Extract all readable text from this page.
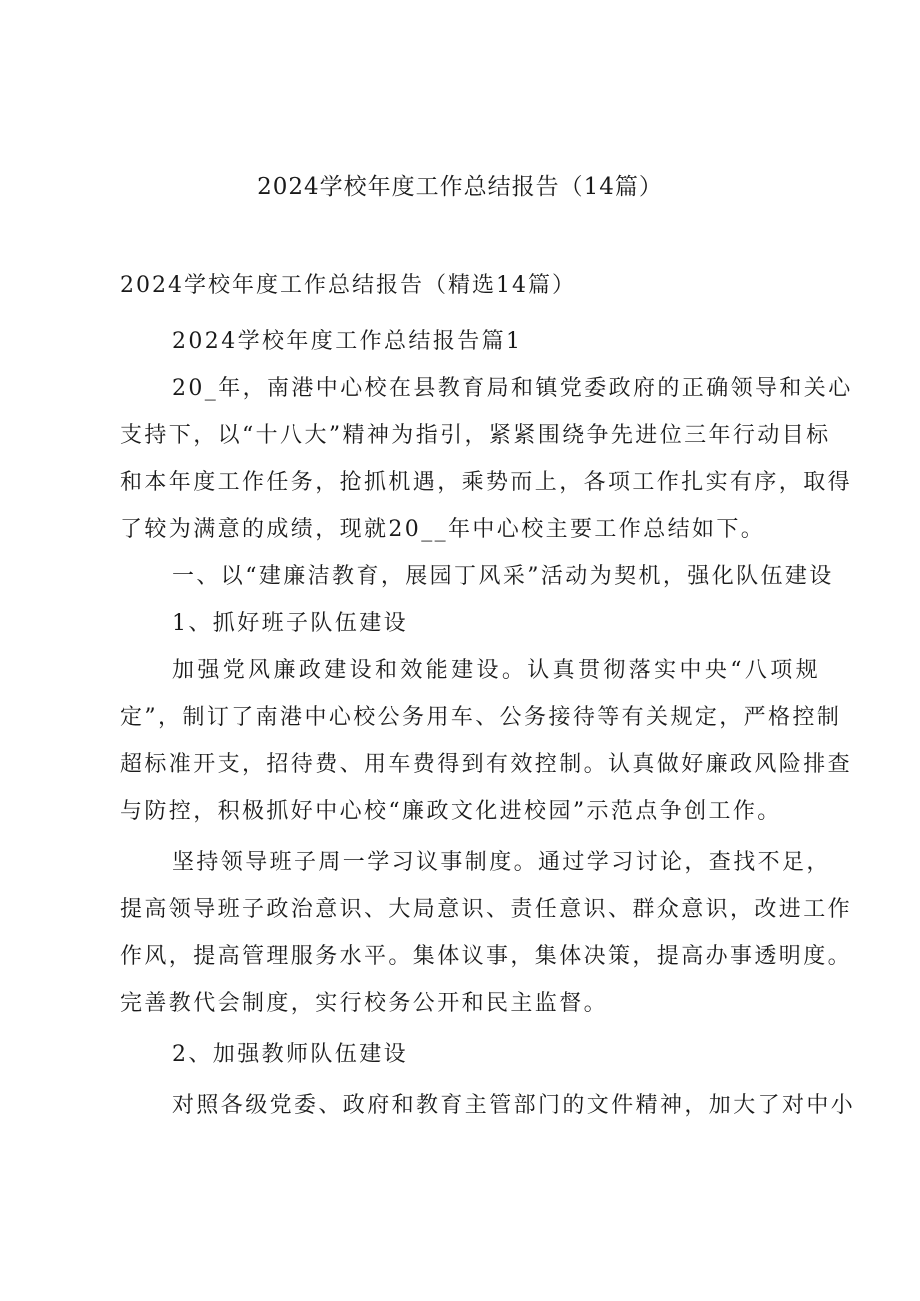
2024学校年度工作总结报告（14篇）

2024学校年度工作总结报告（精选14篇）

2024学校年度工作总结报告篇1

20_年，南港中心校在县教育局和镇党委政府的正确领导和关心

支持下，以“十八大”精神为指引，紧紧围绕争先进位三年行动目标

和本年度工作任务，抢抓机遇，乘势而上，各项工作扎实有序，取得

了较为满意的成绩，现就20__年中心校主要工作总结如下。

一、以“建廉洁教育，展园丁风采”活动为契机，强化队伍建设

1、抓好班子队伍建设

加强党风廉政建设和效能建设。认真贯彻落实中央“八项规

定”，制订了南港中心校公务用车、公务接待等有关规定，严格控制

超标准开支，招待费、用车费得到有效控制。认真做好廉政风险排查

与防控，积极抓好中心校“廉政文化进校园”示范点争创工作。

坚持领导班子周一学习议事制度。通过学习讨论，查找不足，

提高领导班子政治意识、大局意识、责任意识、群众意识，改进工作

作风，提高管理服务水平。集体议事，集体决策，提高办事透明度。

完善教代会制度，实行校务公开和民主监督。

2、加强教师队伍建设

对照各级党委、政府和教育主管部门的文件精神，加大了对中小
